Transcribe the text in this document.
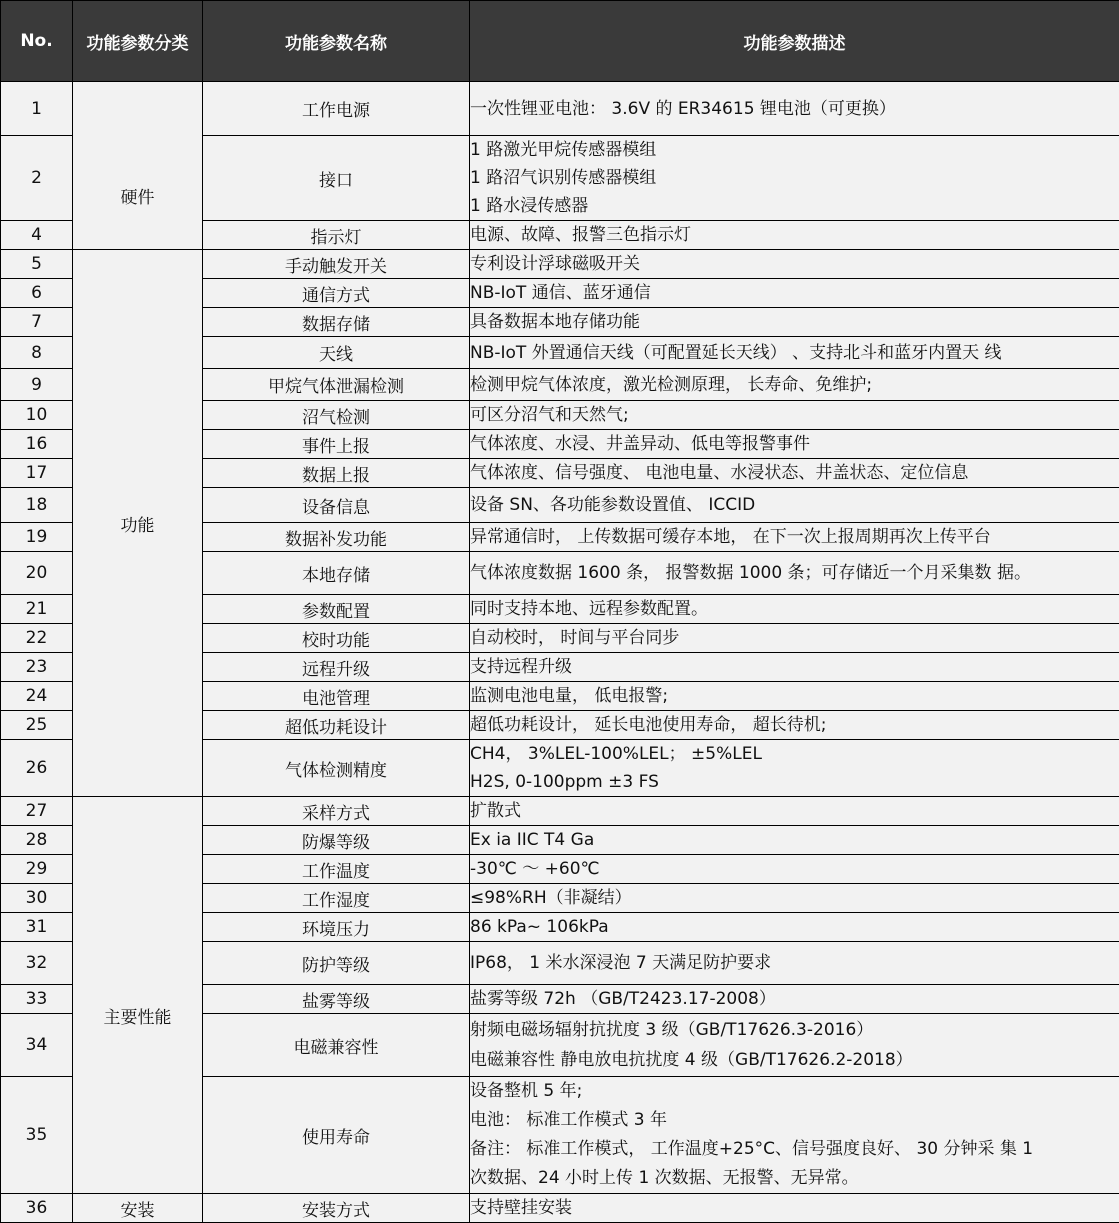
No.	功能参数分类	功能参数名称	功能参数描述
1	硬件	工作电源	一次性锂亚电池： 3.6V 的 ER34615 锂电池（可更换）

2		接口	1 路激光甲烷传感器模组
1 路沼气识别传感器模组
1 路水浸传感器

4		指示灯	电源、故障、报警三色指示灯

5	功能	手动触发开关	专利设计浮球磁吸开关

6		通信方式	NB-IoT 通信、蓝牙通信

7		数据存储	具备数据本地存储功能

8		天线	NB-IoT 外置通信天线（可配置延长天线） 、支持北斗和蓝牙内置天 线

9		甲烷气体泄漏检测	检测甲烷气体浓度，激光检测原理， 长寿命、免维护;

10		沼气检测	可区分沼气和天然气;

16		事件上报	气体浓度、水浸、井盖异动、低电等报警事件

17		数据上报	气体浓度、信号强度、 电池电量、水浸状态、井盖状态、定位信息

18		设备信息	设备 SN、各功能参数设置值、 ICCID

19		数据补发功能	异常通信时， 上传数据可缓存本地， 在下一次上报周期再次上传平台

20		本地存储	气体浓度数据 1600 条， 报警数据 1000 条；可存储近一个月采集数 据。

21		参数配置	同时支持本地、远程参数配置。

22		校时功能	自动校时， 时间与平台同步

23		远程升级	支持远程升级

24		电池管理	监测电池电量， 低电报警;

25		超低功耗设计	超低功耗设计， 延长电池使用寿命， 超长待机;

26		气体检测精度	CH4， 3%LEL-100%LEL； ±5%LEL
H2S, 0-100ppm ±3 FS

27	主要性能	采样方式	扩散式

28		防爆等级	Ex ia IIC T4 Ga

29		工作温度	-30℃ ～ +60℃

30		工作湿度	≤98%RH（非凝结）

31		环境压力	86 kPa~ 106kPa

32		防护等级	IP68， 1 米水深浸泡 7 天满足防护要求

33		盐雾等级	盐雾等级 72h （GB/T2423.17-2008）

34		电磁兼容性	射频电磁场辐射抗扰度 3 级（GB/T17626.3-2016）
电磁兼容性 静电放电抗扰度 4 级（GB/T17626.2-2018）

35		使用寿命	设备整机 5 年;
电池： 标准工作模式 3 年
备注： 标准工作模式， 工作温度+25°C、信号强度良好、 30 分钟采 集 1
次数据、24 小时上传 1 次数据、无报警、无异常。

36	安装	安装方式	支持壁挂安装
